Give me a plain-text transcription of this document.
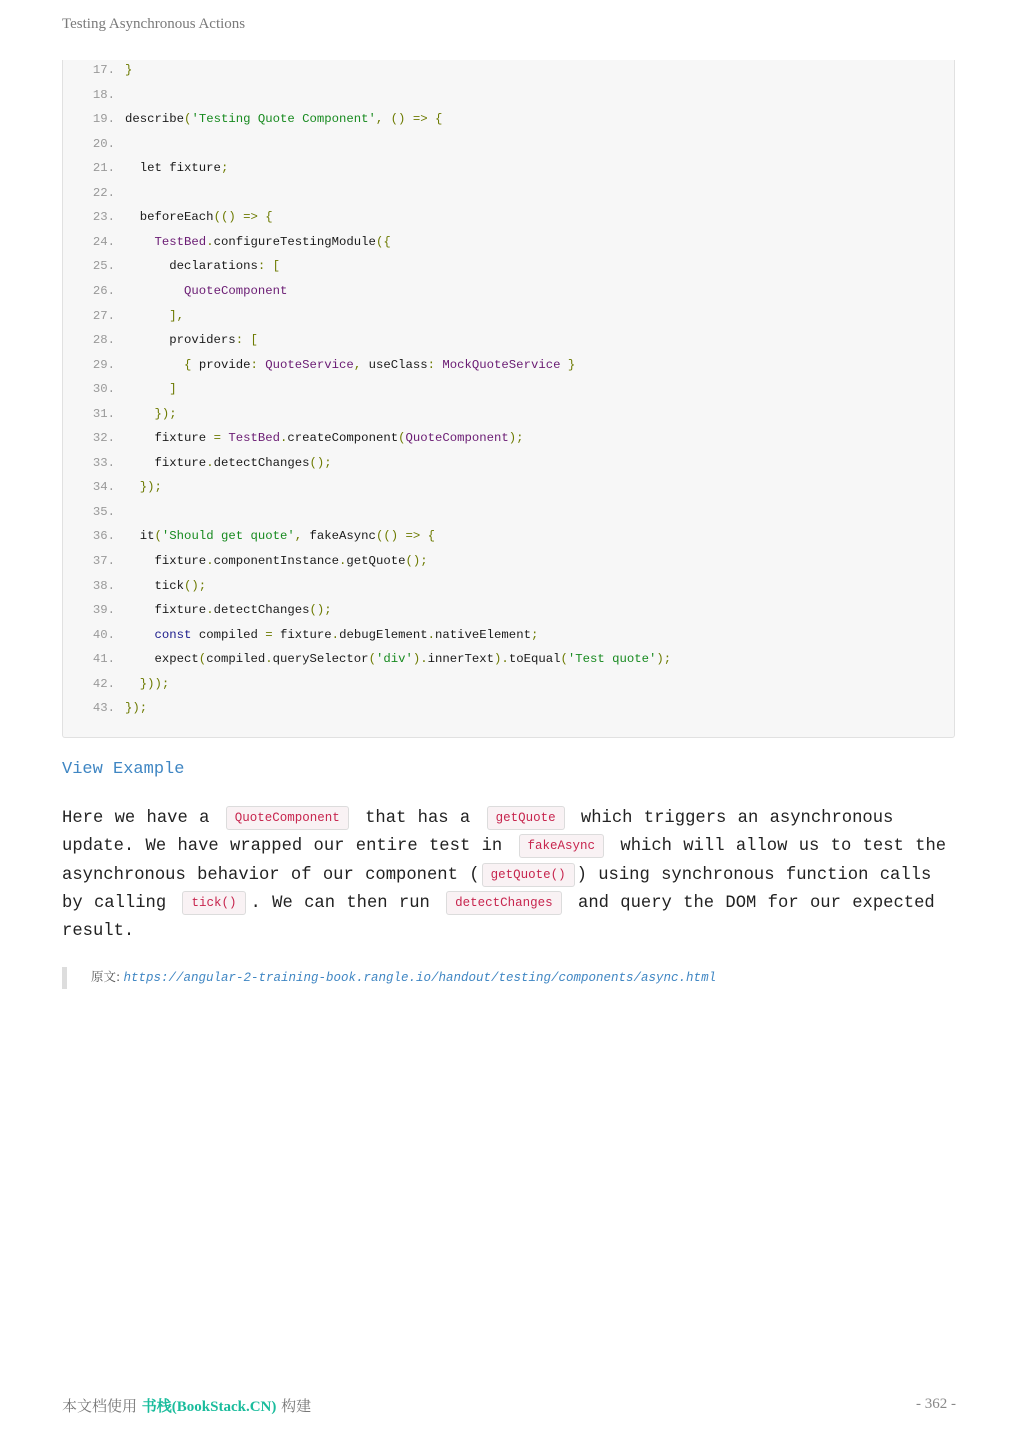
Testing Asynchronous Actions
17. }
18.
19. describe('Testing Quote Component', () => {
20.
21.  let fixture;
22.
23.  beforeEach(() => {
24.	TestBed.configureTestingModule({
25.      declarations: [
26.	QuoteComponent
27.	],
28.      providers: [
29.	{ provide: QuoteService, useClass: MockQuoteService }
30.	]
31.	});
32.    fixture = TestBed.createComponent(QuoteComponent);
33.    fixture.detectChanges();
34. });
35.
36.  it('Should get quote', fakeAsync(() => {
37.    fixture.componentInstance.getQuote();
38.    tick();
39.    fixture.detectChanges();
40.	const compiled = fixture.debugElement.nativeElement;
41.    expect(compiled.querySelector('div').innerText).toEqual('Test quote');
42. }));
43. });
View Example

Here we have a QuoteComponent that has a getQuote which triggers an asynchronous update. We have wrapped our entire test in fakeAsync which will allow us to test the asynchronous behavior of our component ( getQuote() ) using synchronous function calls by calling tick() . We can then run detectChanges and query the DOM for our expected result.

原文: https://angular-2-training-book.rangle.io/handout/testing/components/async.html
本文档使用 书栈(BookStack.CN) 构建	- 362 -
